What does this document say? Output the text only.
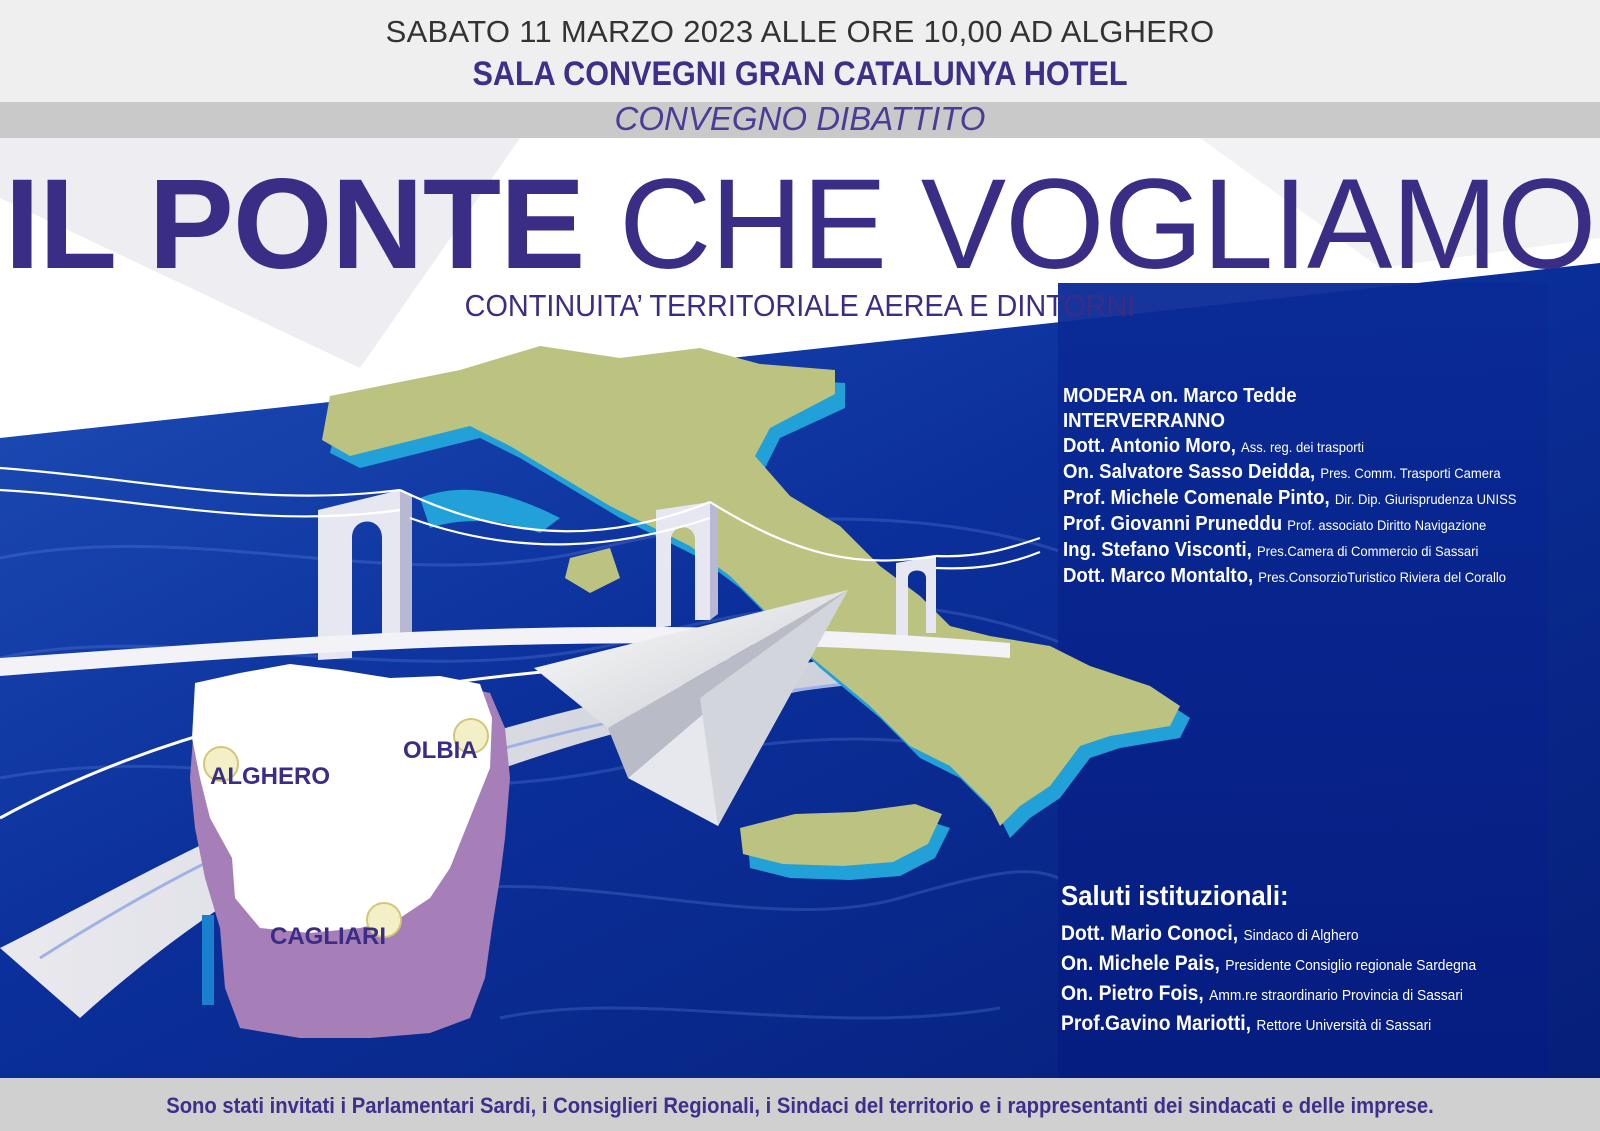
SABATO 11 MARZO 2023 ALLE ORE 10,00 AD ALGHERO
SALA CONVEGNI GRAN CATALUNYA HOTEL
CONVEGNO DIBATTITO
IL PONTE CHE VOGLIAMO
CONTINUITA’ TERRITORIALE AEREA E DINTORNI
ALGHERO
OLBIA
CAGLIARI
MODERA on. Marco Tedde
INTERVERRANNO
Dott. Antonio Moro, Ass. reg. dei trasporti
On. Salvatore Sasso Deidda, Pres. Comm. Trasporti Camera
Prof. Michele Comenale Pinto, Dir. Dip. Giurisprudenza UNISS
Prof. Giovanni Pruneddu Prof. associato Diritto Navigazione
Ing. Stefano Visconti, Pres.Camera di Commercio di Sassari
Dott. Marco Montalto, Pres.ConsorzioTuristico Riviera del Corallo
Saluti istituzionali:
Dott. Mario Conoci, Sindaco di Alghero
On. Michele Pais, Presidente Consiglio regionale Sardegna
On. Pietro Fois, Amm.re straordinario Provincia di Sassari
Prof.Gavino Mariotti, Rettore Università di Sassari
Sono stati invitati i Parlamentari Sardi, i Consiglieri Regionali, i Sindaci del territorio e i rappresentanti dei sindacati e delle imprese.
